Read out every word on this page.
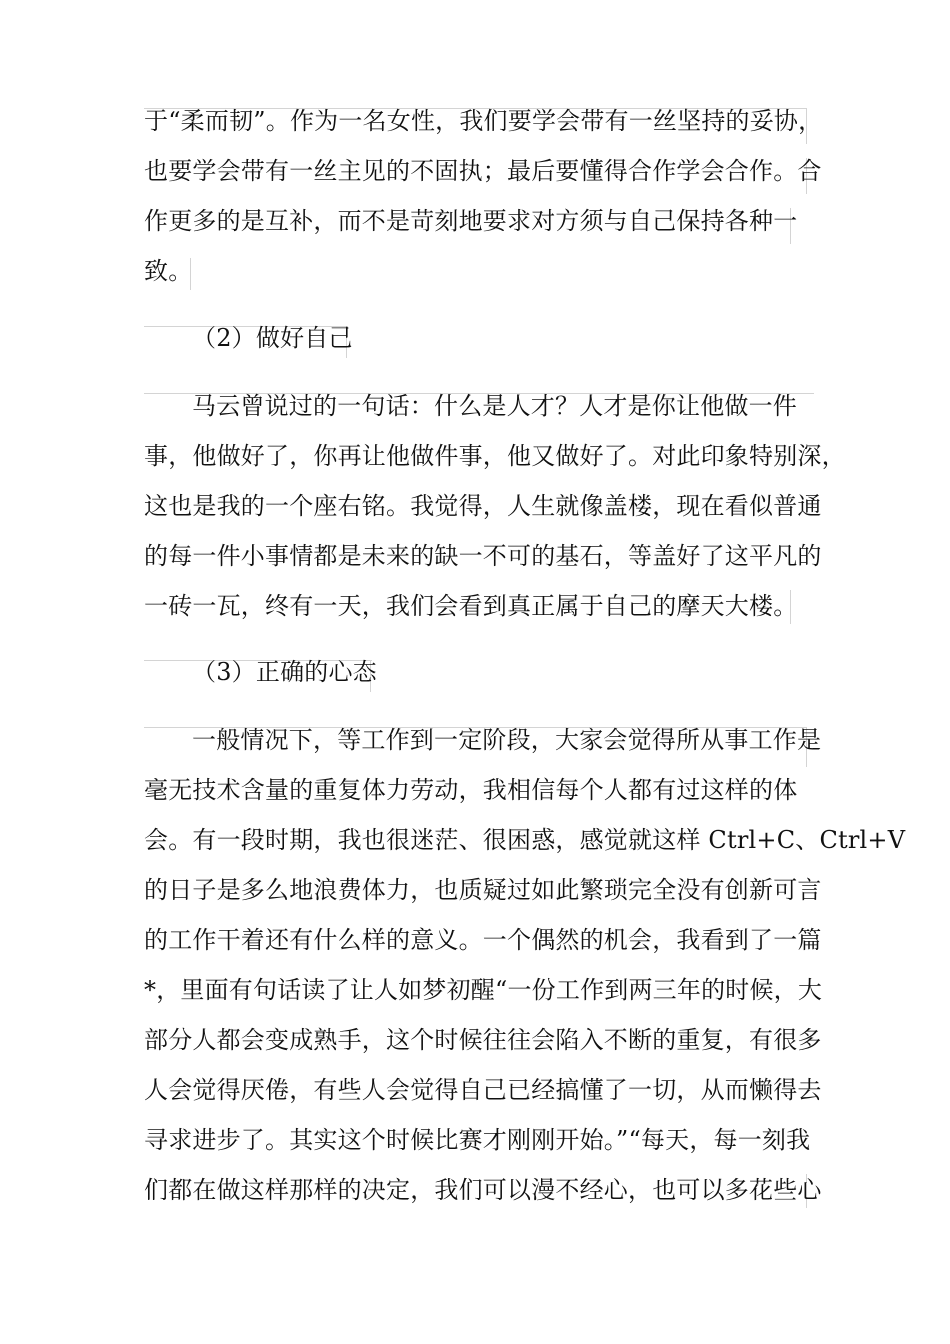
于“柔而韧”。作为一名女性，我们要学会带有一丝坚持的妥协，
也要学会带有一丝主见的不固执；最后要懂得合作学会合作。合
作更多的是互补，而不是苛刻地要求对方须与自己保持各种一
致。
（2）做好自己
马云曾说过的一句话：什么是人才？人才是你让他做一件
事，他做好了，你再让他做件事，他又做好了。对此印象特别深，
这也是我的一个座右铭。我觉得，人生就像盖楼，现在看似普通
的每一件小事情都是未来的缺一不可的基石，等盖好了这平凡的
一砖一瓦，终有一天，我们会看到真正属于自己的摩天大楼。
（3）正确的心态
一般情况下，等工作到一定阶段，大家会觉得所从事工作是
毫无技术含量的重复体力劳动，我相信每个人都有过这样的体
会。有一段时期，我也很迷茫、很困惑，感觉就这样 Ctrl+C、Ctrl+V
的日子是多么地浪费体力，也质疑过如此繁琐完全没有创新可言
的工作干着还有什么样的意义。一个偶然的机会，我看到了一篇
*，里面有句话读了让人如梦初醒“一份工作到两三年的时候，大
部分人都会变成熟手，这个时候往往会陷入不断的重复，有很多
人会觉得厌倦，有些人会觉得自己已经搞懂了一切，从而懒得去
寻求进步了。其实这个时候比赛才刚刚开始。”“每天，每一刻我
们都在做这样那样的决定，我们可以漫不经心，也可以多花些心
